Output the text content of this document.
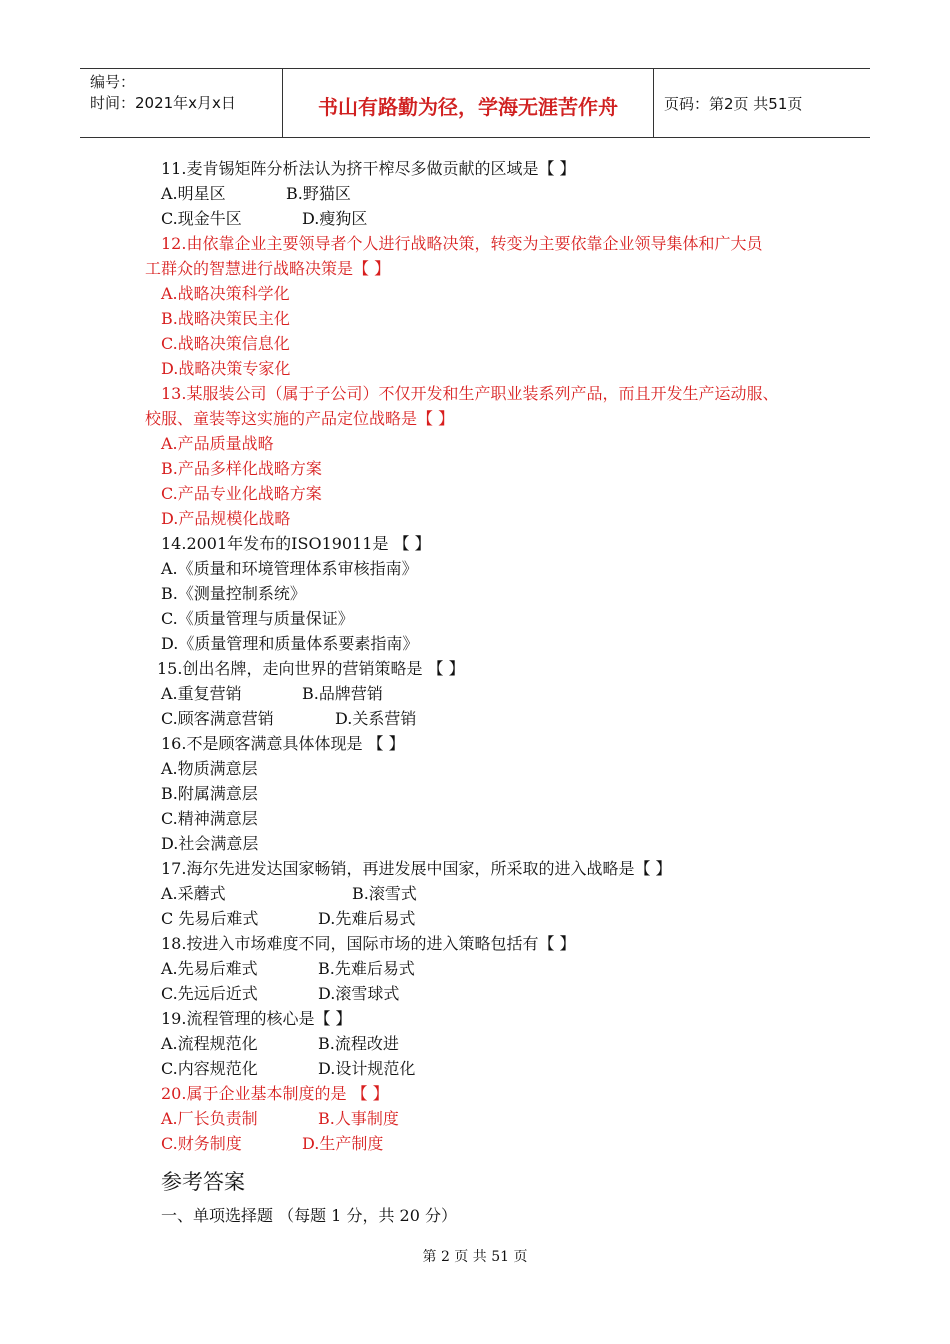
编号：
时间：2021年x月x日	书山有路勤为径，学海无涯苦作舟	页码：第2页 共51页
11.麦肯锡矩阵分析法认为挤干榨尽多做贡献的区域是【 】
A.明星区	B.野猫区
C.现金牛区	D.瘦狗区
12.由依靠企业主要领导者个人进行战略决策，转变为主要依靠企业领导集体和广大员
工群众的智慧进行战略决策是【 】
A.战略决策科学化
B.战略决策民主化
C.战略决策信息化
D.战略决策专家化
13.某服装公司（属于子公司）不仅开发和生产职业装系列产品，而且开发生产运动服、
校服、童装等这实施的产品定位战略是【 】
A.产品质量战略
B.产品多样化战略方案
C.产品专业化战略方案
D.产品规模化战略
14.2001年发布的ISO19011是 【 】
A.《质量和环境管理体系审核指南》
B.《测量控制系统》
C.《质量管理与质量保证》
D.《质量管理和质量体系要素指南》
15.创出名牌，走向世界的营销策略是 【 】
A.重复营销	B.品牌营销
C.顾客满意营销	D.关系营销
16.不是顾客满意具体体现是 【 】
A.物质满意层
B.附属满意层
C.精神满意层
D.社会满意层
17.海尔先进发达国家畅销，再进发展中国家，所采取的进入战略是【 】
A.采蘑式	B.滚雪式
C 先易后难式	D.先难后易式
18.按进入市场难度不同，国际市场的进入策略包括有【 】
A.先易后难式	B.先难后易式
C.先远后近式	D.滚雪球式
19.流程管理的核心是【 】
A.流程规范化	B.流程改进
C.内容规范化	D.设计规范化
20.属于企业基本制度的是 【 】
A.厂长负责制	B.人事制度
C.财务制度	D.生产制度
参考答案
一、单项选择题 （每题 1 分，共 20 分）
第 2 页 共 51 页
